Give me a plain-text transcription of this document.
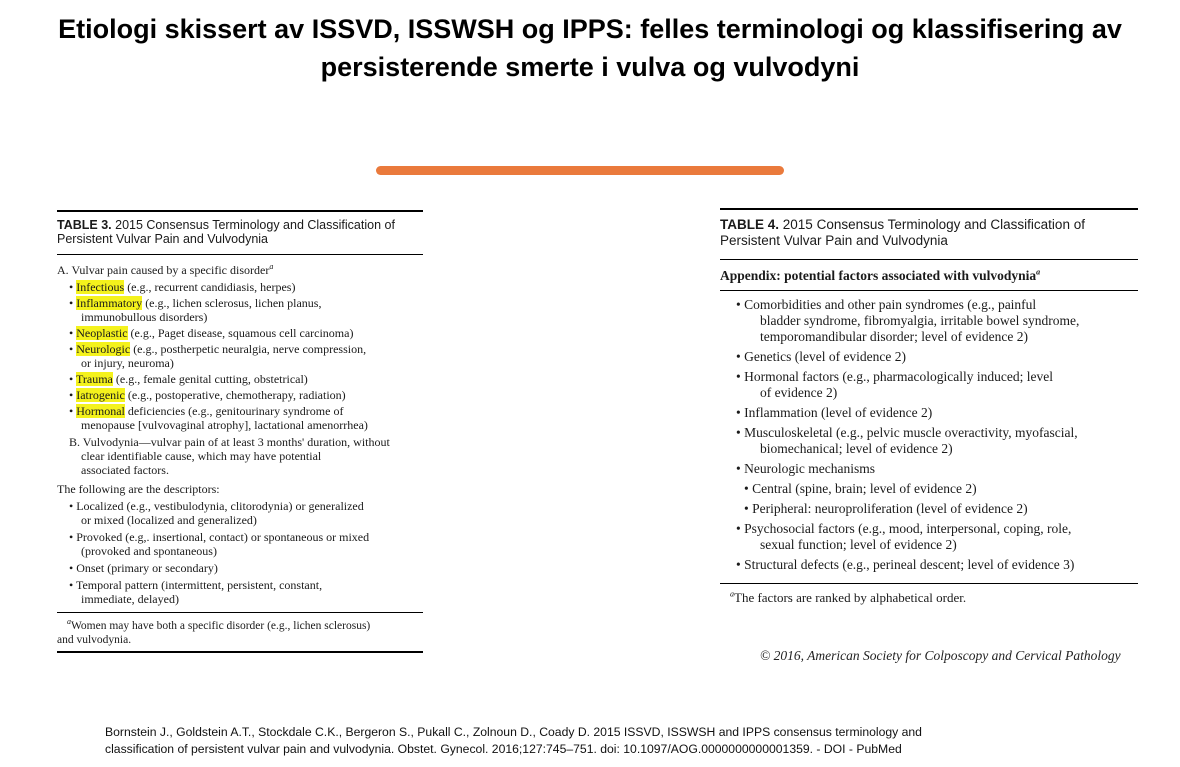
Etiologi skissert av ISSVD, ISSWSH og IPPS: felles terminologi og klassifisering av
persisterende smerte i vulva og vulvodyni
TABLE 3. 2015 Consensus Terminology and Classification of
Persistent Vulvar Pain and Vulvodynia
A. Vulvar pain caused by a specific disorder$^a$
• Infectious (e.g., recurrent candidiasis, herpes)
• Inflammatory (e.g., lichen sclerosus, lichen planus,
immunobullous disorders)
• Neoplastic (e.g., Paget disease, squamous cell carcinoma)
• Neurologic (e.g., postherpetic neuralgia, nerve compression,
or injury, neuroma)
• Trauma (e.g., female genital cutting, obstetrical)
• Iatrogenic (e.g., postoperative, chemotherapy, radiation)
• Hormonal deficiencies (e.g., genitourinary syndrome of
menopause [vulvovaginal atrophy], lactational amenorrhea)
B. Vulvodynia—vulvar pain of at least 3 months' duration, without
clear identifiable cause, which may have potential
associated factors.
The following are the descriptors:
• Localized (e.g., vestibulodynia, clitorodynia) or generalized
or mixed (localized and generalized)
• Provoked (e.g,. insertional, contact) or spontaneous or mixed
(provoked and spontaneous)
• Onset (primary or secondary)
• Temporal pattern (intermittent, persistent, constant,
immediate, delayed)
$^a$Women may have both a specific disorder (e.g., lichen sclerosus)
and vulvodynia.
TABLE 4. 2015 Consensus Terminology and Classification of
Persistent Vulvar Pain and Vulvodynia
Appendix: potential factors associated with vulvodynia$^a$
• Comorbidities and other pain syndromes (e.g., painful
bladder syndrome, fibromyalgia, irritable bowel syndrome,
temporomandibular disorder; level of evidence 2)
• Genetics (level of evidence 2)
• Hormonal factors (e.g., pharmacologically induced; level
of evidence 2)
• Inflammation (level of evidence 2)
• Musculoskeletal (e.g., pelvic muscle overactivity, myofascial,
biomechanical; level of evidence 2)
• Neurologic mechanisms
• Central (spine, brain; level of evidence 2)
• Peripheral: neuroproliferation (level of evidence 2)
• Psychosocial factors (e.g., mood, interpersonal, coping, role,
sexual function; level of evidence 2)
• Structural defects (e.g., perineal descent; level of evidence 3)
$^a$The factors are ranked by alphabetical order.
© 2016, American Society for Colposcopy and Cervical Pathology
Bornstein J., Goldstein A.T., Stockdale C.K., Bergeron S., Pukall C., Zolnoun D., Coady D. 2015 ISSVD, ISSWSH and IPPS consensus terminology and
classification of persistent vulvar pain and vulvodynia. Obstet. Gynecol. 2016;127:745–751. doi: 10.1097/AOG.0000000000001359. - DOI - PubMed
